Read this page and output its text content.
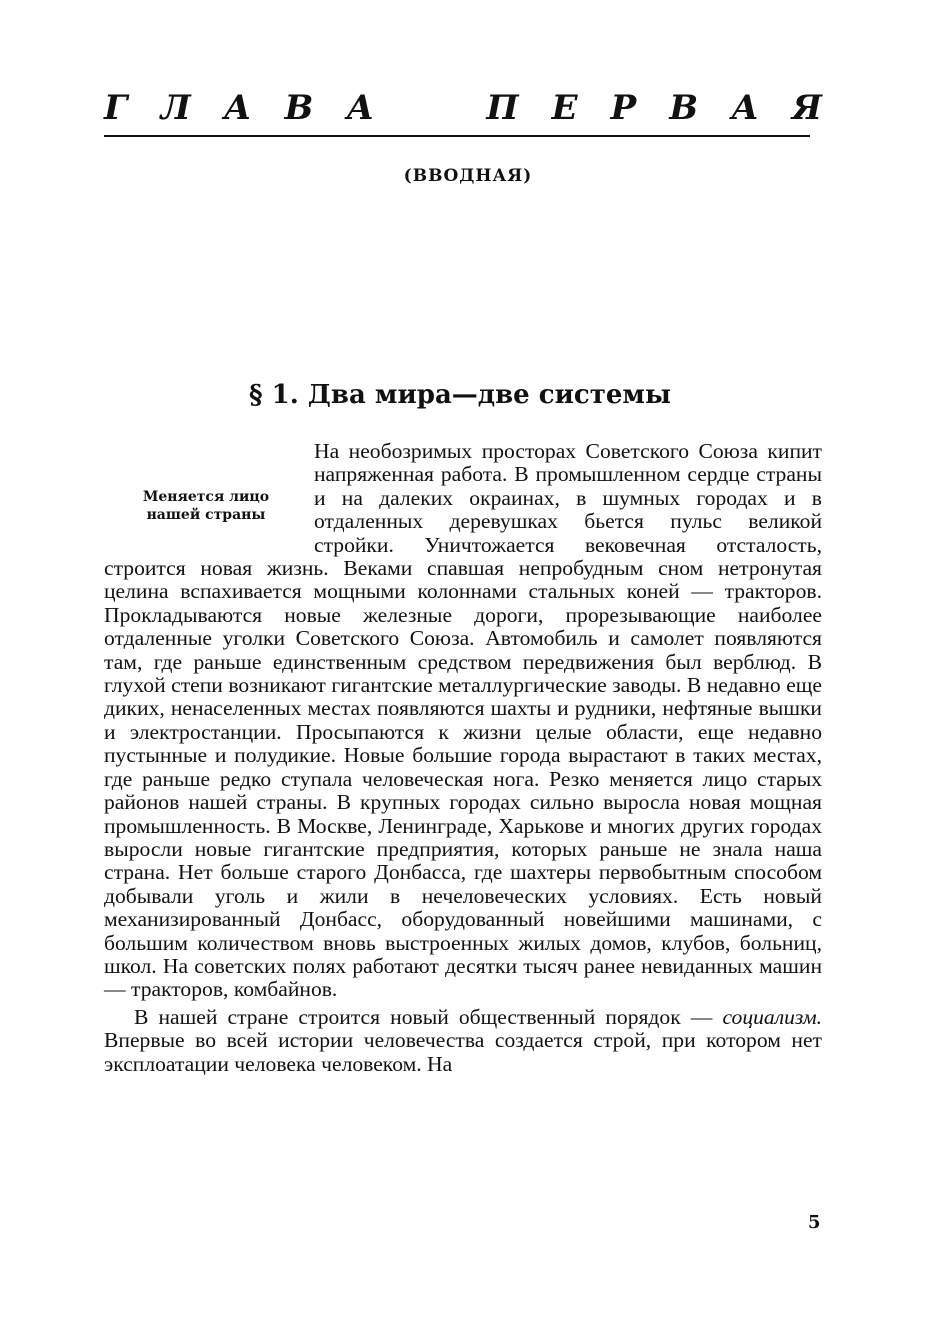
Г Л А В А	П Е Р В А Я
(ВВОДНАЯ)
§ 1. Два мира—две системы
Меняется лицо
нашей страны

На необозримых просторах Советского Союза кипит напряженная работа. В промышленном сердце страны и на далеких окраинах, в шумных городах и в отдаленных деревушках бьется пульс великой стройки. Уничтожается вековечная отсталость, строится новая жизнь. Веками спавшая непробудным сном нетронутая целина вспахивается мощными колоннами стальных коней — тракторов. Прокладываются новые железные дороги, прорезывающие наиболее отдаленные уголки Советского Союза. Автомобиль и самолет появляются там, где раньше единственным средством передвижения был верблюд. В глухой степи возникают гигантские металлургические заводы. В недавно еще диких, ненаселенных местах появляются шахты и рудники, нефтяные вышки и электростанции. Просыпаются к жизни целые области, еще недавно пустынные и полудикие. Новые большие города вырастают в таких местах, где раньше редко ступала человеческая нога. Резко меняется лицо старых районов нашей страны. В крупных городах сильно выросла новая мощная промышленность. В Москве, Ленинграде, Харькове и многих других городах выросли новые гигантские предприятия, которых раньше не знала наша страна. Нет больше старого Донбасса, где шахтеры первобытным способом добывали уголь и жили в нечеловеческих условиях. Есть новый механизированный Донбасс, оборудованный новейшими машинами, с большим количеством вновь выстроенных жилых домов, клубов, больниц, школ. На советских полях работают десятки тысяч ранее невиданных машин — тракторов, комбайнов.

В нашей стране строится новый общественный порядок — социализм. Впервые во всей истории человечества создается строй, при котором нет эксплоатации человека человеком. На

5
